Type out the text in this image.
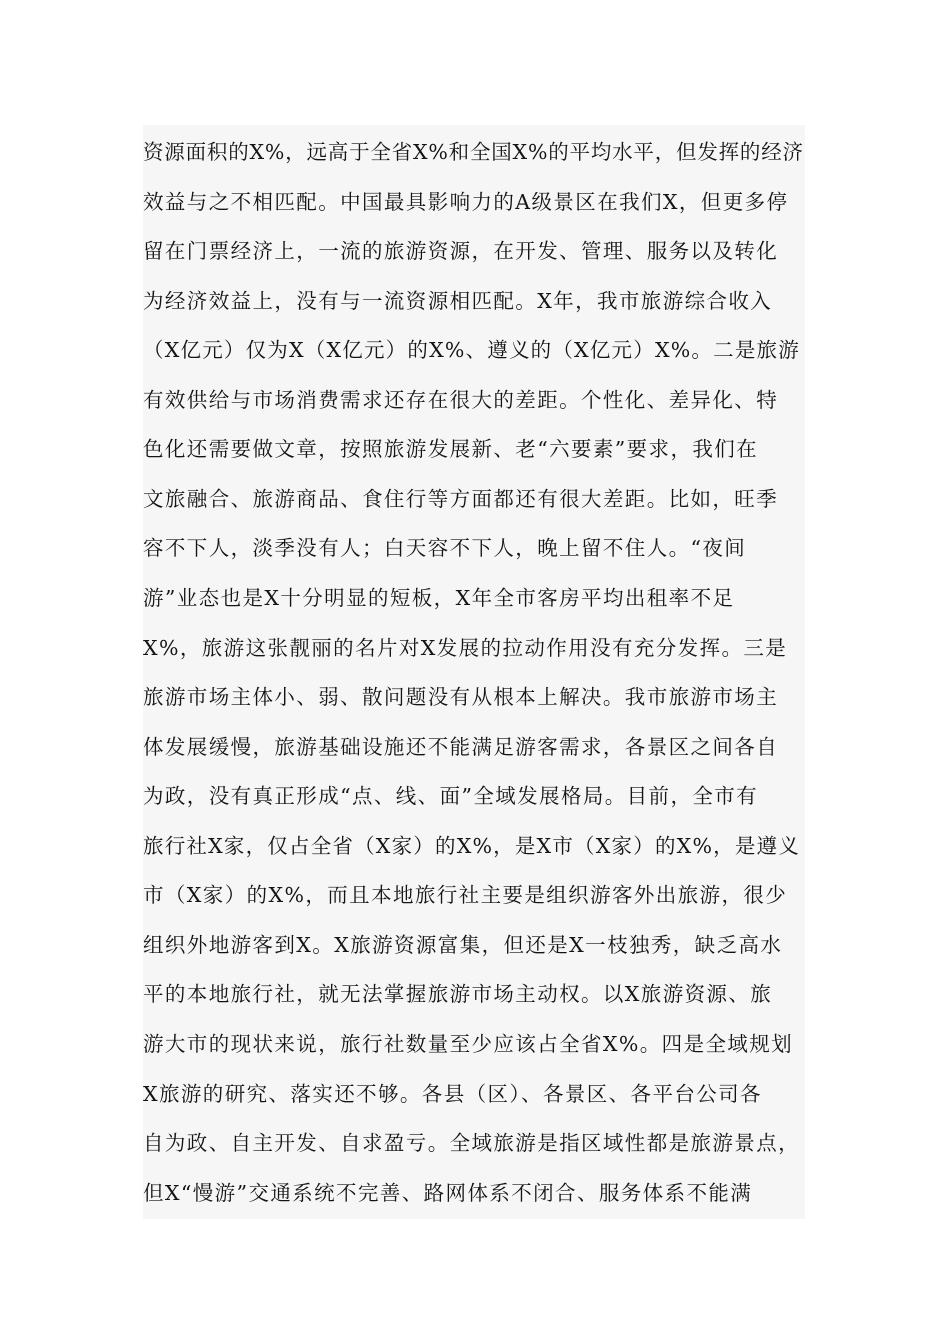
资源面积的X%，远高于全省X%和全国X%的平均水平，但发挥的经济
效益与之不相匹配。中国最具影响力的A级景区在我们X，但更多停
留在门票经济上，一流的旅游资源，在开发、管理、服务以及转化
为经济效益上，没有与一流资源相匹配。X年，我市旅游综合收入
（X亿元）仅为X（X亿元）的X%、遵义的（X亿元）X%。二是旅游
有效供给与市场消费需求还存在很大的差距。个性化、差异化、特
色化还需要做文章，按照旅游发展新、老“六要素”要求，我们在
文旅融合、旅游商品、食住行等方面都还有很大差距。比如，旺季
容不下人，淡季没有人；白天容不下人，晚上留不住人。“夜间
游”业态也是X十分明显的短板，X年全市客房平均出租率不足
X%，旅游这张靓丽的名片对X发展的拉动作用没有充分发挥。三是
旅游市场主体小、弱、散问题没有从根本上解决。我市旅游市场主
体发展缓慢，旅游基础设施还不能满足游客需求，各景区之间各自
为政，没有真正形成“点、线、面”全域发展格局。目前，全市有
旅行社X家，仅占全省（X家）的X%，是X市（X家）的X%，是遵义
市（X家）的X%，而且本地旅行社主要是组织游客外出旅游，很少
组织外地游客到X。X旅游资源富集，但还是X一枝独秀，缺乏高水
平的本地旅行社，就无法掌握旅游市场主动权。以X旅游资源、旅
游大市的现状来说，旅行社数量至少应该占全省X%。四是全域规划
X旅游的研究、落实还不够。各县（区）、各景区、各平台公司各
自为政、自主开发、自求盈亏。全域旅游是指区域性都是旅游景点，
但X“慢游”交通系统不完善、路网体系不闭合、服务体系不能满
